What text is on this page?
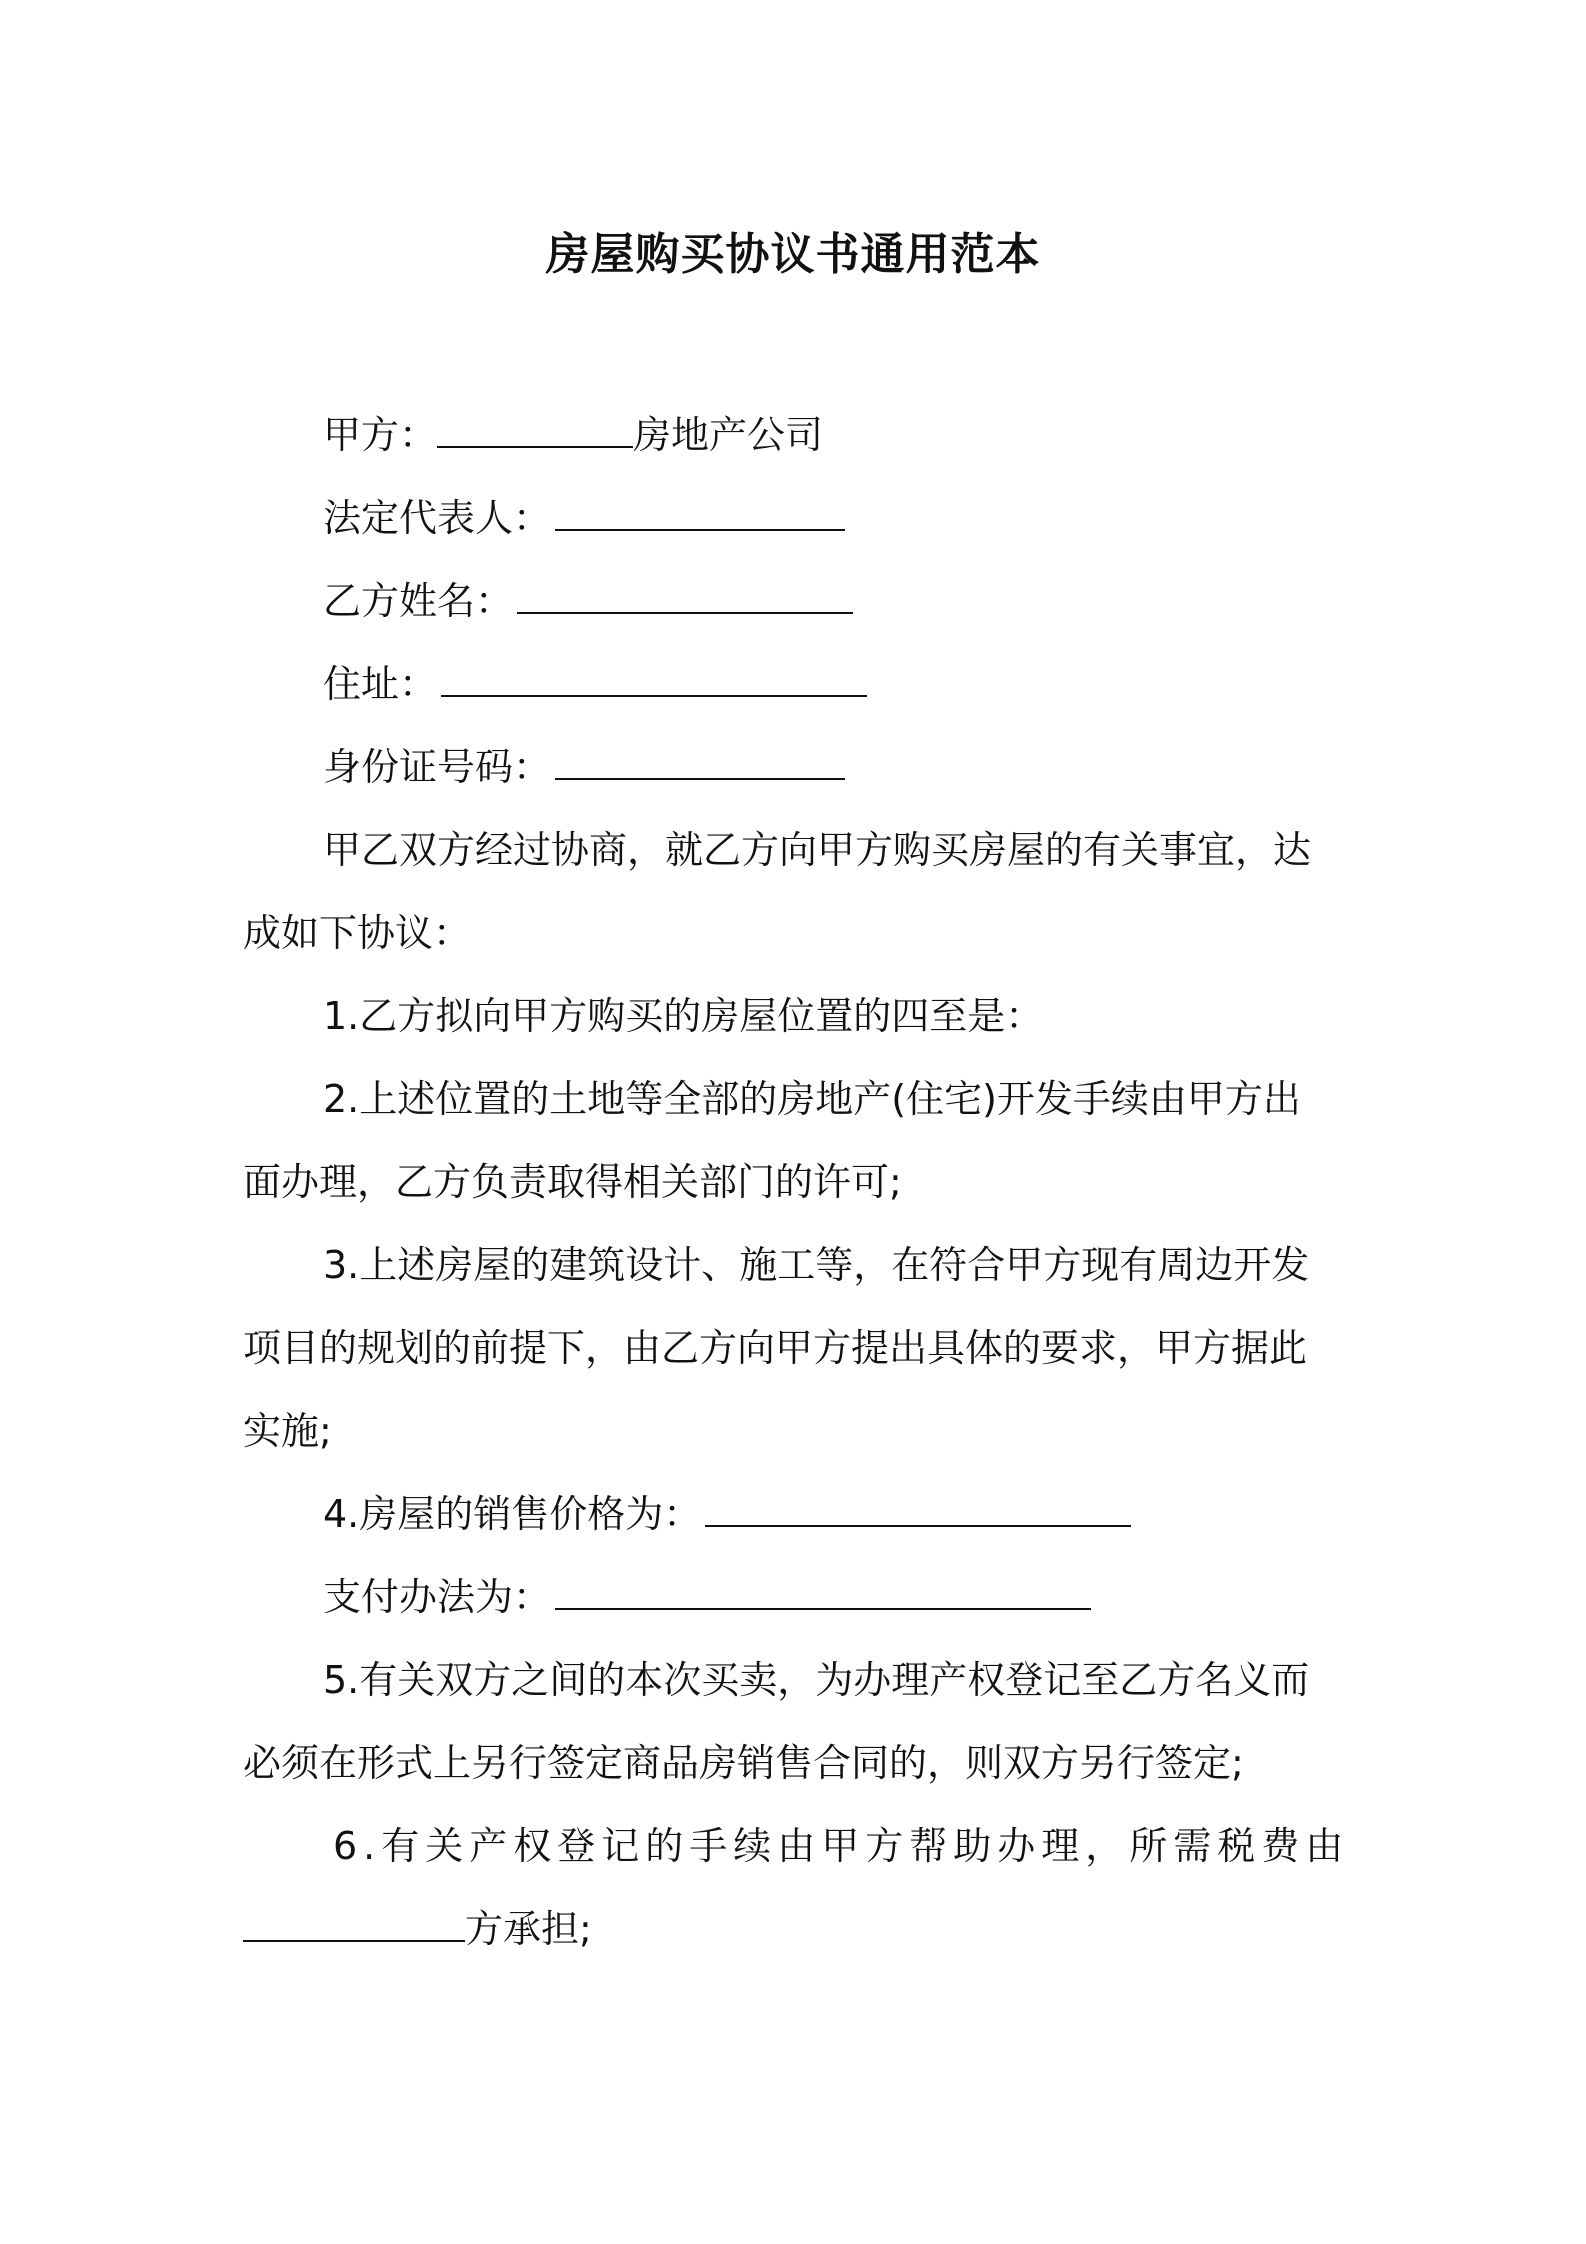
房屋购买协议书通用范本
甲方：	房地产公司
法定代表人：
乙方姓名：
住址：
身份证号码：
甲乙双方经过协商，就乙方向甲方购买房屋的有关事宜，达
成如下协议：
1.乙方拟向甲方购买的房屋位置的四至是：
2.上述位置的土地等全部的房地产(住宅)开发手续由甲方出
面办理，乙方负责取得相关部门的许可;
3.上述房屋的建筑设计、施工等，在符合甲方现有周边开发
项目的规划的前提下，由乙方向甲方提出具体的要求，甲方据此
实施;
4.房屋的销售价格为：
支付办法为：
5.有关双方之间的本次买卖，为办理产权登记至乙方名义而
必须在形式上另行签定商品房销售合同的，则双方另行签定;
6.有关产权登记的手续由甲方帮助办理，所需税费由
方承担;
